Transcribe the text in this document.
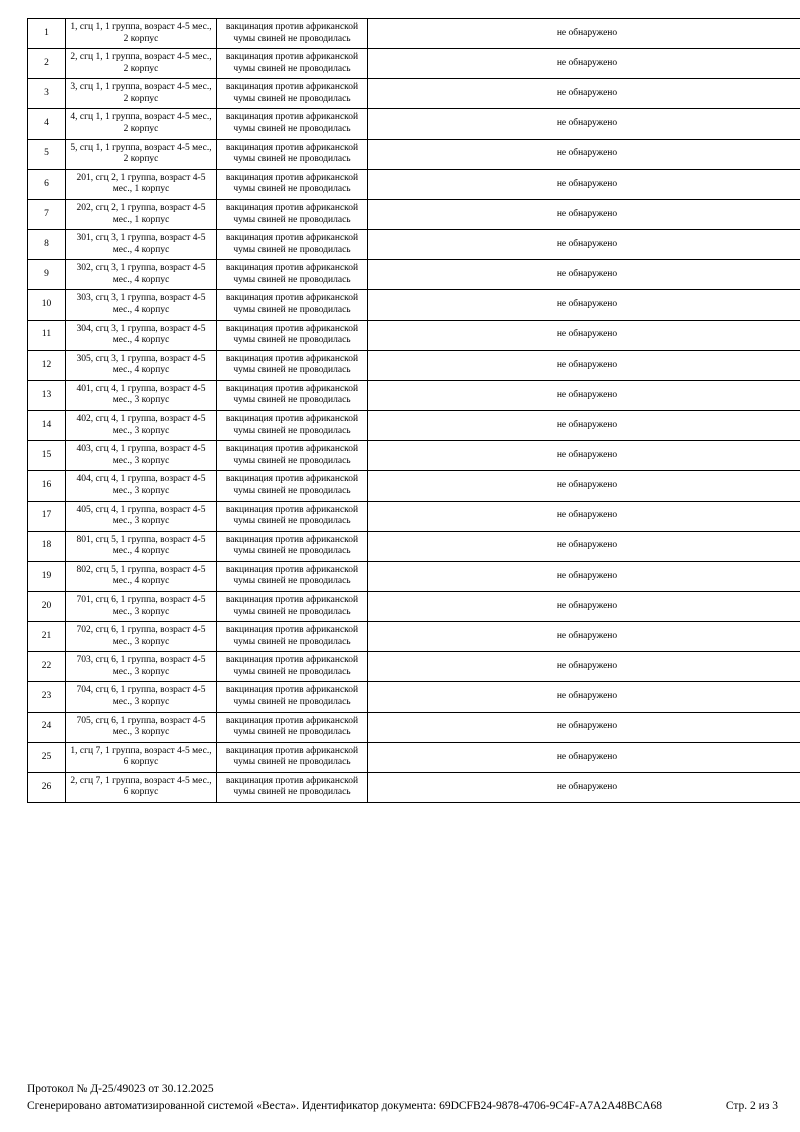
1	1, сгц 1, 1 группа, возраст 4-5 мес., 2 корпус	вакцинация против африканской чумы свиней не проводилась	не обнаружено
2	2, сгц 1, 1 группа, возраст 4-5 мес., 2 корпус	вакцинация против африканской чумы свиней не проводилась	не обнаружено
3	3, сгц 1, 1 группа, возраст 4-5 мес., 2 корпус	вакцинация против африканской чумы свиней не проводилась	не обнаружено
4	4, сгц 1, 1 группа, возраст 4-5 мес., 2 корпус	вакцинация против африканской чумы свиней не проводилась	не обнаружено
5	5, сгц 1, 1 группа, возраст 4-5 мес., 2 корпус	вакцинация против африканской чумы свиней не проводилась	не обнаружено
6	201, сгц 2, 1 группа, возраст 4-5 мес., 1 корпус	вакцинация против африканской чумы свиней не проводилась	не обнаружено
7	202, сгц 2, 1 группа, возраст 4-5 мес., 1 корпус	вакцинация против африканской чумы свиней не проводилась	не обнаружено
8	301, сгц 3, 1 группа, возраст 4-5 мес., 4 корпус	вакцинация против африканской чумы свиней не проводилась	не обнаружено
9	302, сгц 3, 1 группа, возраст 4-5 мес., 4 корпус	вакцинация против африканской чумы свиней не проводилась	не обнаружено
10	303, сгц 3, 1 группа, возраст 4-5 мес., 4 корпус	вакцинация против африканской чумы свиней не проводилась	не обнаружено
11	304, сгц 3, 1 группа, возраст 4-5 мес., 4 корпус	вакцинация против африканской чумы свиней не проводилась	не обнаружено
12	305, сгц 3, 1 группа, возраст 4-5 мес., 4 корпус	вакцинация против африканской чумы свиней не проводилась	не обнаружено
13	401, сгц 4, 1 группа, возраст 4-5 мес., 3 корпус	вакцинация против африканской чумы свиней не проводилась	не обнаружено
14	402, сгц 4, 1 группа, возраст 4-5 мес., 3 корпус	вакцинация против африканской чумы свиней не проводилась	не обнаружено
15	403, сгц 4, 1 группа, возраст 4-5 мес., 3 корпус	вакцинация против африканской чумы свиней не проводилась	не обнаружено
16	404, сгц 4, 1 группа, возраст 4-5 мес., 3 корпус	вакцинация против африканской чумы свиней не проводилась	не обнаружено
17	405, сгц 4, 1 группа, возраст 4-5 мес., 3 корпус	вакцинация против африканской чумы свиней не проводилась	не обнаружено
18	801, сгц 5, 1 группа, возраст 4-5 мес., 4 корпус	вакцинация против африканской чумы свиней не проводилась	не обнаружено
19	802, сгц 5, 1 группа, возраст 4-5 мес., 4 корпус	вакцинация против африканской чумы свиней не проводилась	не обнаружено
20	701, сгц 6, 1 группа, возраст 4-5 мес., 3 корпус	вакцинация против африканской чумы свиней не проводилась	не обнаружено
21	702, сгц 6, 1 группа, возраст 4-5 мес., 3 корпус	вакцинация против африканской чумы свиней не проводилась	не обнаружено
22	703, сгц 6, 1 группа, возраст 4-5 мес., 3 корпус	вакцинация против африканской чумы свиней не проводилась	не обнаружено
23	704, сгц 6, 1 группа, возраст 4-5 мес., 3 корпус	вакцинация против африканской чумы свиней не проводилась	не обнаружено
24	705, сгц 6, 1 группа, возраст 4-5 мес., 3 корпус	вакцинация против африканской чумы свиней не проводилась	не обнаружено
25	1, сгц 7, 1 группа, возраст 4-5 мес., 6 корпус	вакцинация против африканской чумы свиней не проводилась	не обнаружено
26	2, сгц 7, 1 группа, возраст 4-5 мес., 6 корпус	вакцинация против африканской чумы свиней не проводилась	не обнаружено
Протокол № Д-25/49023 от 30.12.2025
Сгенерировано автоматизированной системой «Веста». Идентификатор документа: 69DCFB24-9878-4706-9C4F-A7A2A48BCA68	Стр. 2 из 3
